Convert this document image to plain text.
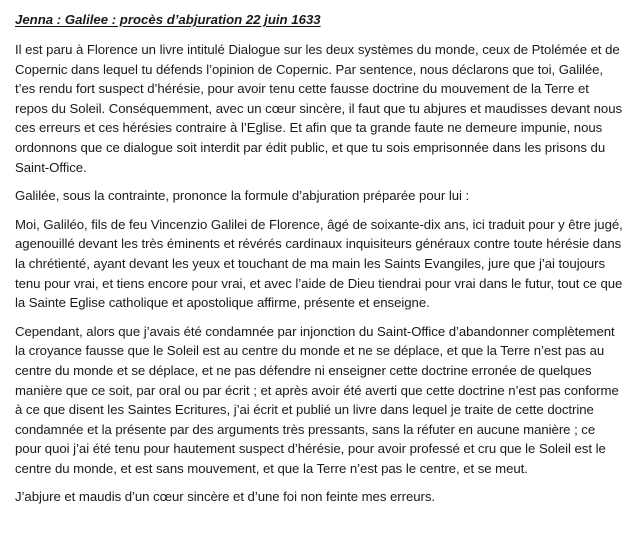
Jenna : Galilee : procès d’abjuration 22 juin 1633

Il est paru à Florence un livre intitulé Dialogue sur les deux systèmes du monde, ceux de Ptolémée et de Copernic dans lequel tu défends l’opinion de Copernic. Par sentence, nous déclarons que toi, Galilée, t’es rendu fort suspect d’hérésie, pour avoir tenu cette fausse doctrine du mouvement de la Terre et repos du Soleil. Conséquemment, avec un cœur sincère, il faut que tu abjures et maudisses devant nous ces erreurs et ces hérésies contraire à l’Eglise. Et afin que ta grande faute ne demeure impunie, nous ordonnons que ce dialogue soit interdit par édit public, et que tu sois emprisonnée dans les prisons du Saint-Office.

Galilée, sous la contrainte, prononce la formule d’abjuration préparée pour lui :

Moi, Galiléo, fils de feu Vincenzio Galilei de Florence, âgé de soixante-dix ans, ici traduit pour y être jugé, agenouillé devant les très éminents et révérés cardinaux inquisiteurs généraux contre toute hérésie dans la chrétienté, ayant devant les yeux et touchant de ma main les Saints Evangiles, jure que j’ai toujours tenu pour vrai, et tiens encore pour vrai, et avec l’aide de Dieu tiendrai pour vrai dans le futur, tout ce que la Sainte Eglise catholique et apostolique affirme, présente et enseigne.

Cependant, alors que j’avais été condamnée par injonction du Saint-Office d’abandonner complètement la croyance fausse que le Soleil est au centre du monde et ne se déplace, et que la Terre n’est pas au centre du monde et se déplace, et ne pas défendre ni enseigner cette doctrine erronée de quelques manière que ce soit, par oral ou par écrit ; et après avoir été averti que cette doctrine n’est pas conforme à ce que disent les Saintes Ecritures, j’ai écrit et publié un livre dans lequel je traite de cette doctrine condamnée et la présente par des arguments très pressants, sans la réfuter en aucune manière ; ce pour quoi j’ai été tenu pour hautement suspect d’hérésie, pour avoir professé et cru que le Soleil est le centre du monde, et est sans mouvement, et que la Terre n’est pas le centre, et se meut.

J’abjure et maudis d’un cœur sincère et d’une foi non feinte mes erreurs.
